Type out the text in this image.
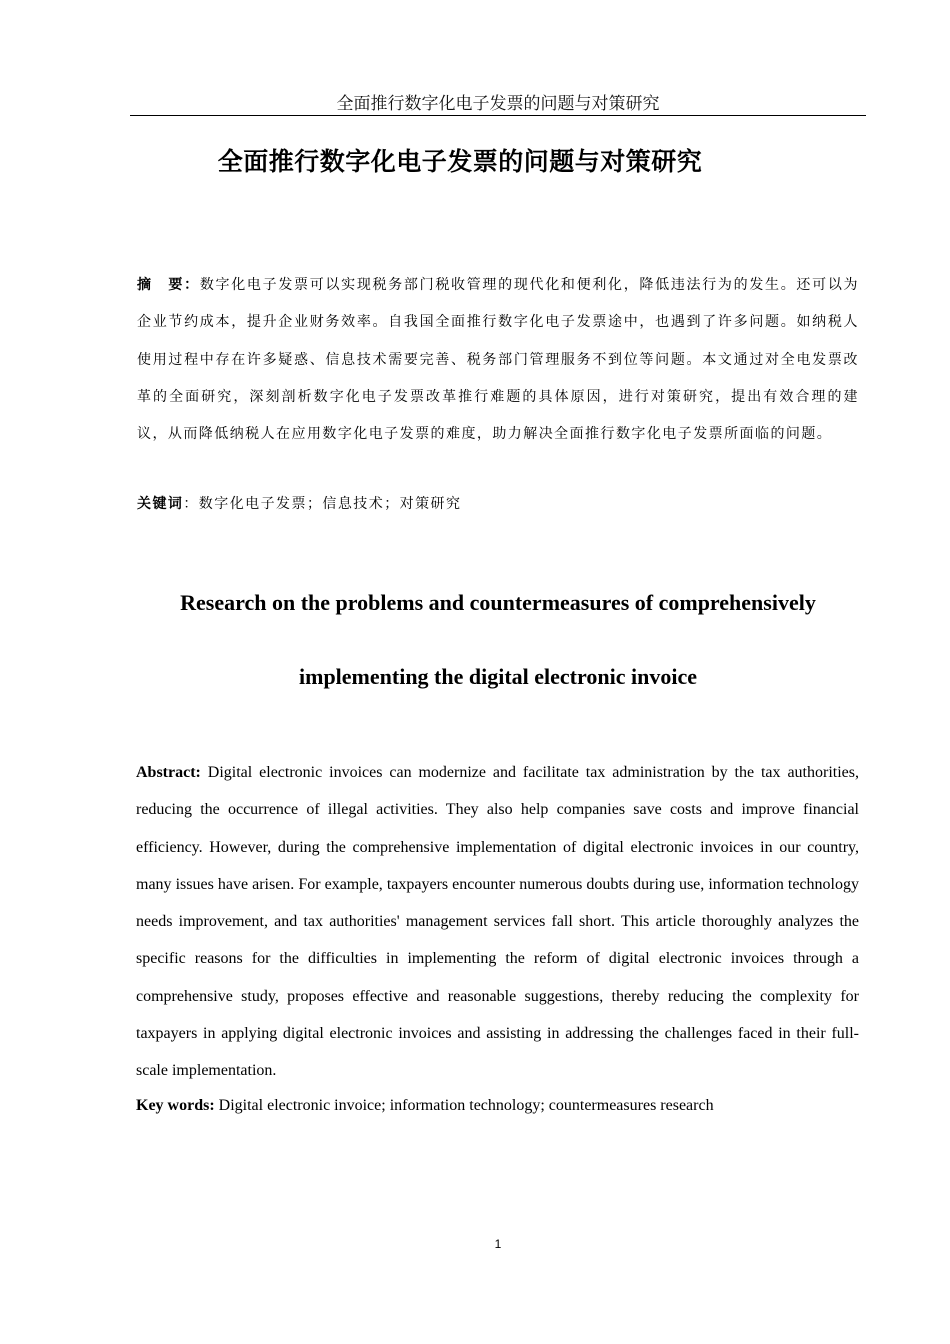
全面推行数字化电子发票的问题与对策研究
全面推行数字化电子发票的问题与对策研究
摘　要：数字化电子发票可以实现税务部门税收管理的现代化和便利化，降低违法行为的发生。还可以为企业节约成本，提升企业财务效率。自我国全面推行数字化电子发票途中，也遇到了许多问题。如纳税人使用过程中存在许多疑惑、信息技术需要完善、税务部门管理服务不到位等问题。本文通过对全电发票改革的全面研究，深刻剖析数字化电子发票改革推行难题的具体原因，进行对策研究，提出有效合理的建议，从而降低纳税人在应用数字化电子发票的难度，助力解决全面推行数字化电子发票所面临的问题。
关键词：数字化电子发票；信息技术；对策研究
Research on the problems and countermeasures of comprehensively
implementing the digital electronic invoice
Abstract: Digital electronic invoices can modernize and facilitate tax administration by the tax authorities, reducing the occurrence of illegal activities. They also help companies save costs and improve financial efficiency. However, during the comprehensive implementation of digital electronic invoices in our country, many issues have arisen. For example, taxpayers encounter numerous doubts during use, information technology needs improvement, and tax authorities' management services fall short. This article thoroughly analyzes the specific reasons for the difficulties in implementing the reform of digital electronic invoices through a comprehensive study, proposes effective and reasonable suggestions, thereby reducing the complexity for taxpayers in applying digital electronic invoices and assisting in addressing the challenges faced in their full-scale implementation.
Key words: Digital electronic invoice; information technology; countermeasures research
1
